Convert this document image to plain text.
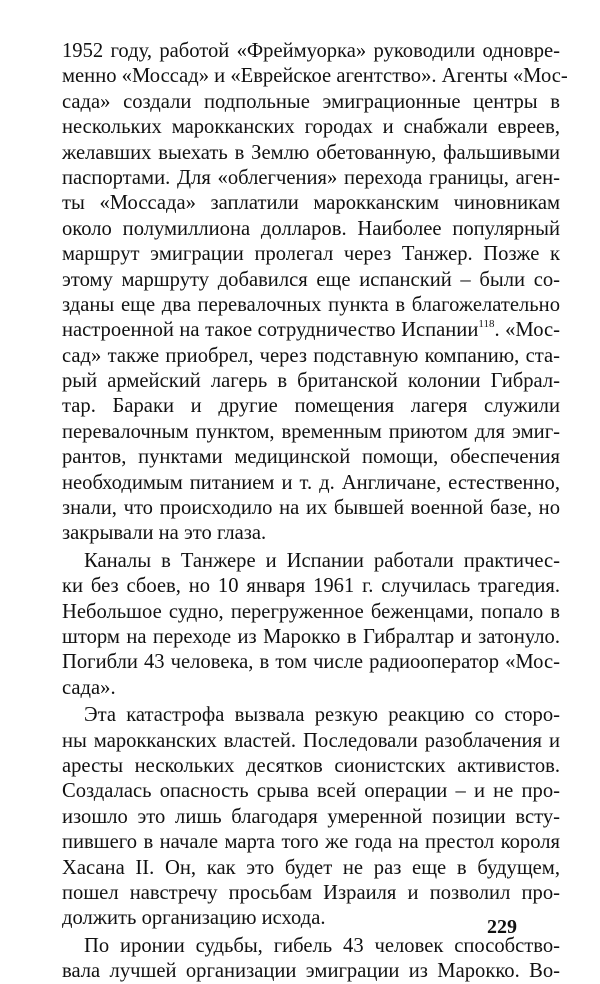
1952 году, работой «Фреймуорка» руководили одновре-
менно «Моссад» и «Еврейское агентство». Агенты «Мос-
сада» создали подпольные эмиграционные центры в
нескольких марокканских городах и снабжали евреев,
желавших выехать в Землю обетованную, фальшивыми
паспортами. Для «облегчения» перехода границы, аген-
ты «Моссада» заплатили марокканским чиновникам
около полумиллиона долларов. Наиболее популярный
маршрут эмиграции пролегал через Танжер. Позже к
этому маршруту добавился еще испанский – были со-
зданы еще два перевалочных пункта в благожелательно
настроенной на такое сотрудничество Испании$^{118}$. «Мос-
сад» также приобрел, через подставную компанию, ста-
рый армейский лагерь в британской колонии Гибрал-
тар. Бараки и другие помещения лагеря служили
перевалочным пунктом, временным приютом для эмиг-
рантов, пунктами медицинской помощи, обеспечения
необходимым питанием и т. д. Англичане, естественно,
знали, что происходило на их бывшей военной базе, но
закрывали на это глаза.

Каналы в Танжере и Испании работали практичес-
ки без сбоев, но 10 января 1961 г. случилась трагедия.
Небольшое судно, перегруженное беженцами, попало в
шторм на переходе из Марокко в Гибралтар и затонуло.
Погибли 43 человека, в том числе радиооператор «Мос-
сада».

Эта катастрофа вызвала резкую реакцию со сторо-
ны марокканских властей. Последовали разоблачения и
аресты нескольких десятков сионистских активистов.
Создалась опасность срыва всей операции – и не про-
изошло это лишь благодаря умеренной позиции всту-
пившего в начале марта того же года на престол короля
Хасана II. Он, как это будет не раз еще в будущем,
пошел навстречу просьбам Израиля и позволил про-
должить организацию исхода.

По иронии судьбы, гибель 43 человек способство-
вала лучшей организации эмиграции из Марокко. Во-

229
